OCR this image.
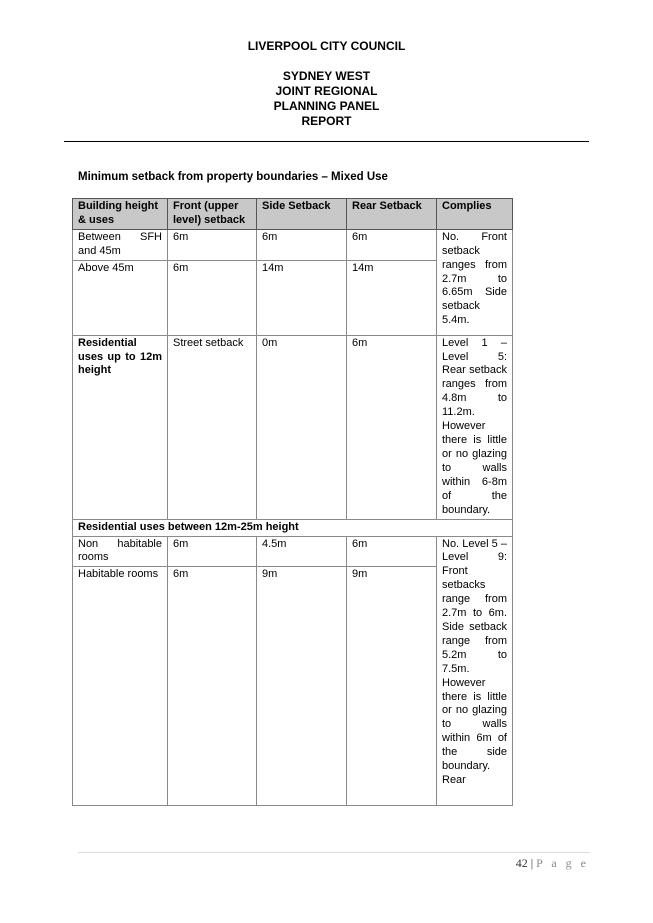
LIVERPOOL CITY COUNCIL
SYDNEY WEST
JOINT REGIONAL
PLANNING PANEL
REPORT
Minimum setback from property boundaries – Mixed Use
Building height & uses	Front (upper level) setback	Side Setback	Rear Setback	Complies
Between SFH and 45m	6m	6m	6m	No. Front setback ranges from 2.7m to 6.65m Side setback 5.4m.
Above 45m	6m	14m	14m	
Residential uses up to 12m height	Street setback	0m	6m	Level 1 – Level 5: Rear setback ranges from 4.8m to 11.2m. However there is little or no glazing to walls within 6-8m of the boundary.
Residential uses between 12m-25m height				
Non habitable rooms	6m	4.5m	6m	No. Level 5 – Level 9: Front setbacks range from 2.7m to 6m. Side setback range from 5.2m to 7.5m. However there is little or no glazing to walls within 6m of the side boundary. Rear
Habitable rooms	6m	9m	9m	
42 | P a g e
